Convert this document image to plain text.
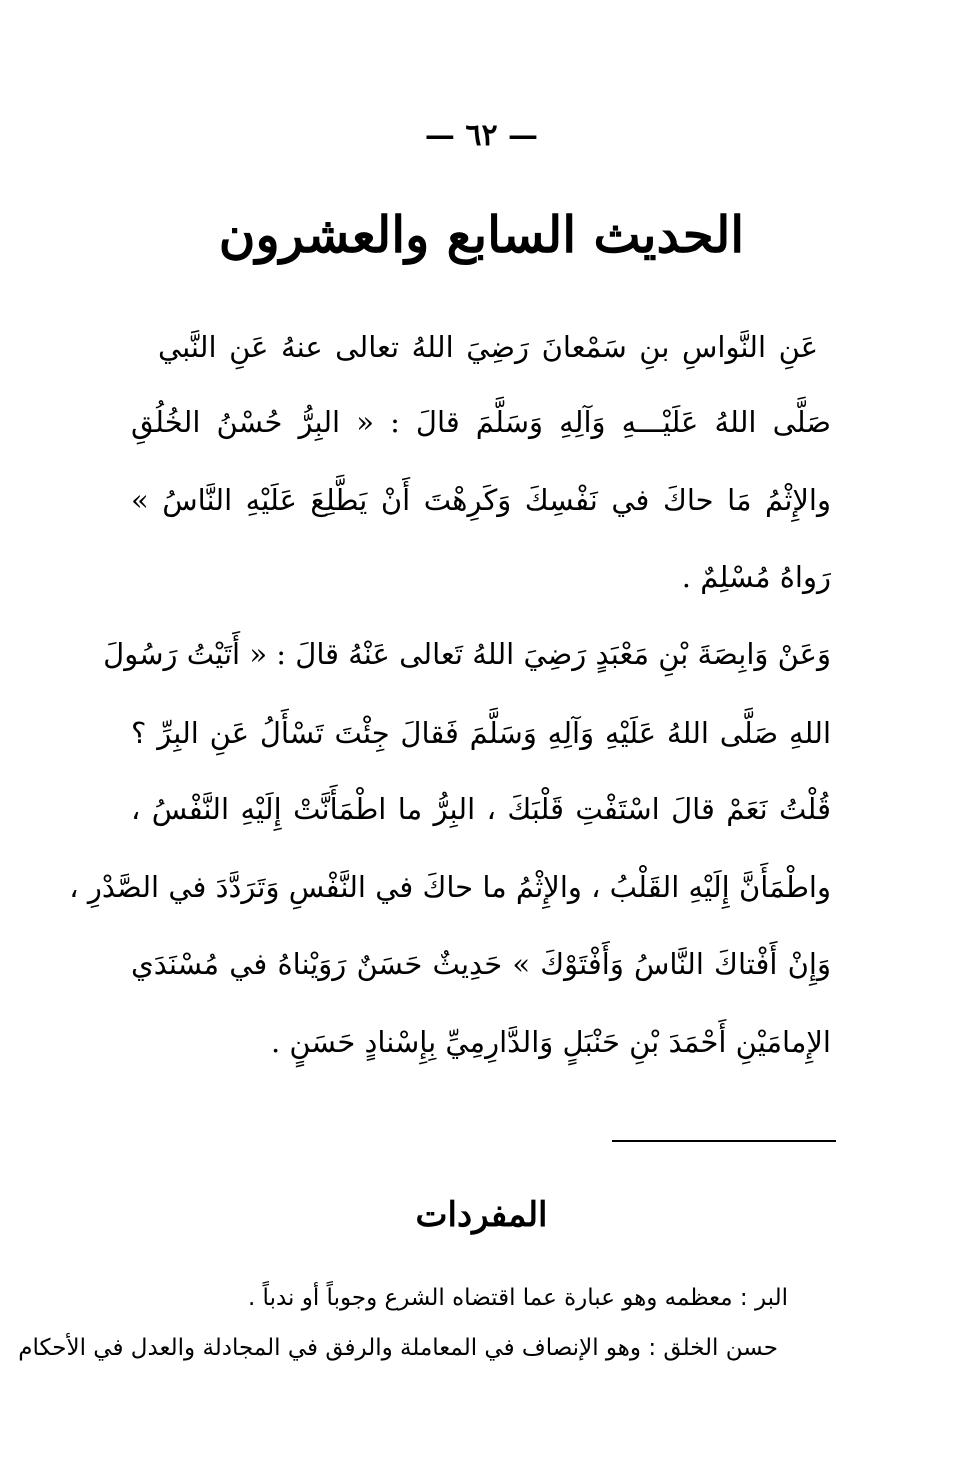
— ٦٢ —
الحديث السابع والعشرون
عَنِ النَّواسِ بنِ سَمْعانَ رَضِيَ اللهُ تعالى عنهُ عَنِ النَّبي
صَلَّى اللهُ عَلَيْـــهِ وَآلِهِ وَسَلَّمَ قالَ : « البِرُّ حُسْنُ الخُلُقِ
والإِثْمُ مَا حاكَ في نَفْسِكَ وَكَرِهْتَ أَنْ يَطَّلِعَ عَلَيْهِ النَّاسُ »
رَواهُ مُسْلِمٌ .
وَعَنْ وَابِصَةَ بْنِ مَعْبَدٍ رَضِيَ اللهُ تَعالى عَنْهُ قالَ : « أَتَيْتُ رَسُولَ
اللهِ صَلَّى اللهُ عَلَيْهِ وَآلِهِ وَسَلَّمَ فَقالَ جِئْتَ تَسْأَلُ عَنِ البِرِّ ؟
قُلْتُ نَعَمْ قالَ اسْتَفْتِ قَلْبَكَ ، البِرُّ ما اطْمَأَنَّتْ إِلَيْهِ النَّفْسُ ،
واطْمَأَنَّ إِلَيْهِ القَلْبُ ، والإِثْمُ ما حاكَ في النَّفْسِ وَتَرَدَّدَ في الصَّدْرِ ،
وَإِنْ أَفْتاكَ النَّاسُ وَأَفْتَوْكَ » حَدِيثٌ حَسَنٌ رَوَيْناهُ في مُسْنَدَي
الإِمامَيْنِ أَحْمَدَ بْنِ حَنْبَلٍ وَالدَّارِمِيِّ بِإِسْنادٍ حَسَنٍ .
المفردات
البر : معظمه وهو عبارة عما اقتضاه الشرع وجوباً أو ندباً .
حسن الخلق : وهو الإنصاف في المعاملة والرفق في المجادلة والعدل في الأحكام
